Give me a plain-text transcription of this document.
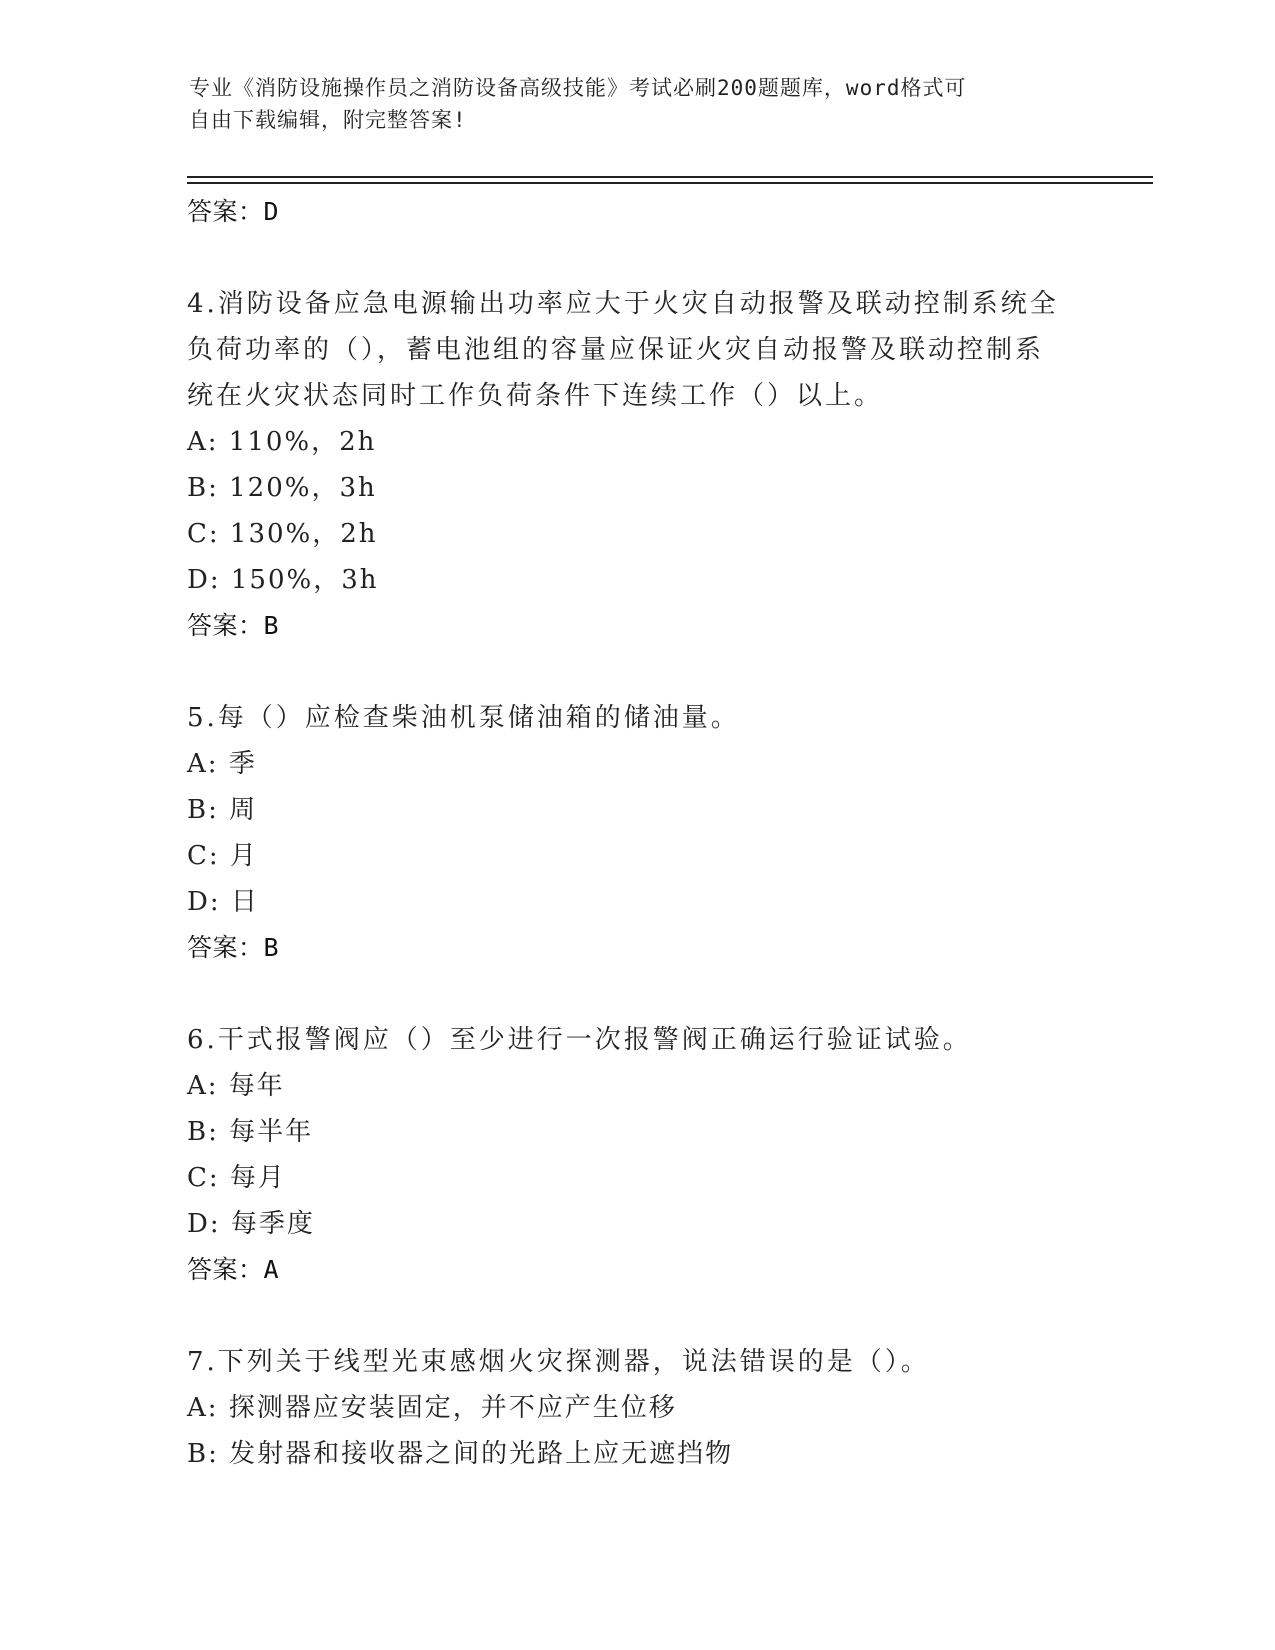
专业《消防设施操作员之消防设备高级技能》考试必刷200题题库，word格式可
自由下载编辑，附完整答案!
答案：D
4.消防设备应急电源输出功率应大于火灾自动报警及联动控制系统全
负荷功率的（），蓄电池组的容量应保证火灾自动报警及联动控制系
统在火灾状态同时工作负荷条件下连续工作（）以上。
A: 110%，2h
B: 120%，3h
C: 130%，2h
D: 150%，3h
答案：B
5.每（）应检查柴油机泵储油箱的储油量。
A: 季
B: 周
C: 月
D: 日
答案：B
6.干式报警阀应（）至少进行一次报警阀正确运行验证试验。
A: 每年
B: 每半年
C: 每月
D: 每季度
答案：A
7.下列关于线型光束感烟火灾探测器，说法错误的是（）。
A: 探测器应安装固定，并不应产生位移
B: 发射器和接收器之间的光路上应无遮挡物
